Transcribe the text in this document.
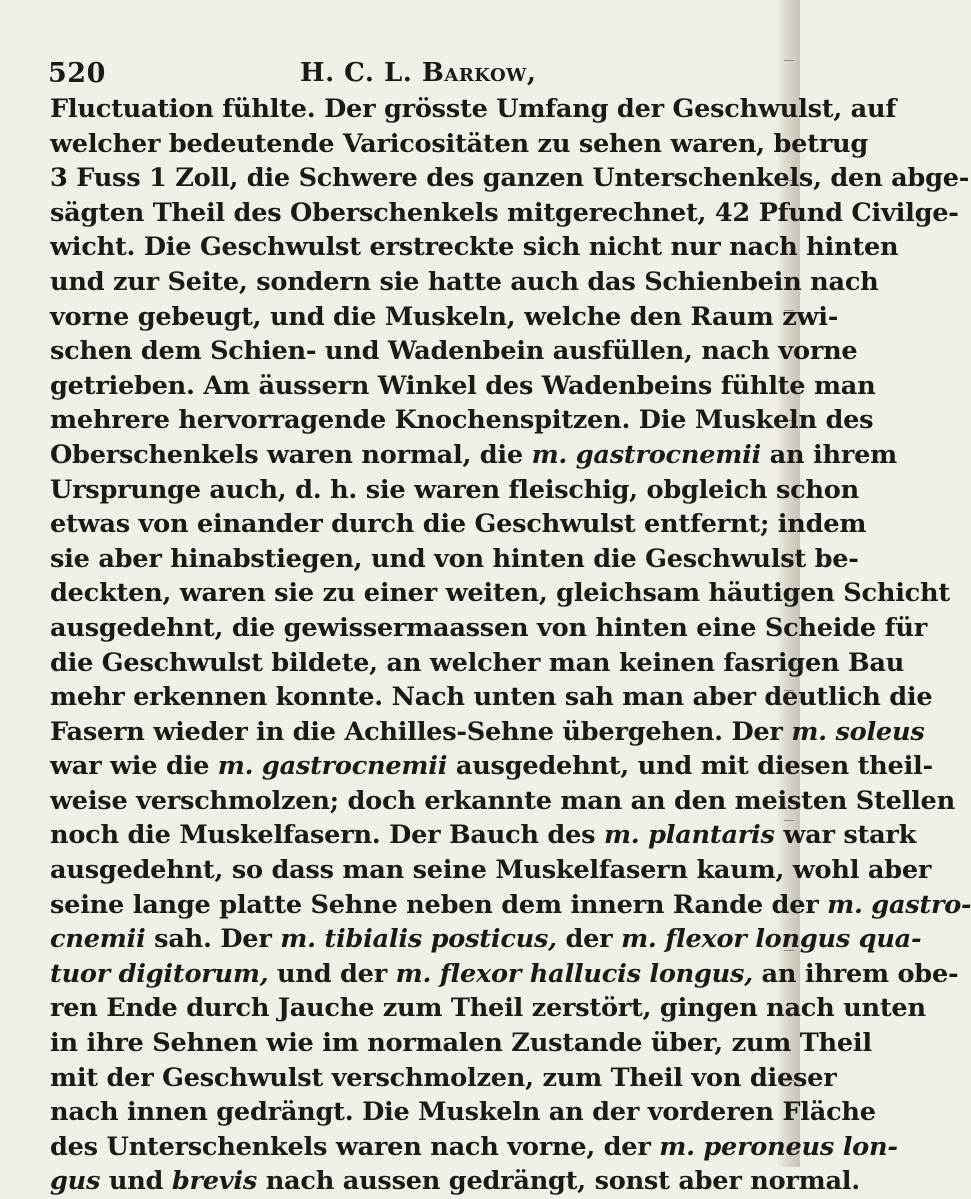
520	H. C. L. Barkow,
Fluctuation fühlte. Der grösste Umfang der Geschwulst, auf
welcher bedeutende Varicositäten zu sehen waren, betrug
3 Fuss 1 Zoll, die Schwere des ganzen Unterschenkels, den abge-
sägten Theil des Oberschenkels mitgerechnet, 42 Pfund Civilge-
wicht. Die Geschwulst erstreckte sich nicht nur nach hinten
und zur Seite, sondern sie hatte auch das Schienbein nach
vorne gebeugt, und die Muskeln, welche den Raum zwi-
schen dem Schien- und Wadenbein ausfüllen, nach vorne
getrieben. Am äussern Winkel des Wadenbeins fühlte man
mehrere hervorragende Knochenspitzen. Die Muskeln des
Oberschenkels waren normal, die m. gastrocnemii an ihrem
Ursprunge auch, d. h. sie waren fleischig, obgleich schon
etwas von einander durch die Geschwulst entfernt; indem
sie aber hinabstiegen, und von hinten die Geschwulst be-
deckten, waren sie zu einer weiten, gleichsam häutigen Schicht
ausgedehnt, die gewissermaassen von hinten eine Scheide für
die Geschwulst bildete, an welcher man keinen fasrigen Bau
mehr erkennen konnte. Nach unten sah man aber deutlich die
Fasern wieder in die Achilles-Sehne übergehen. Der m. soleus
war wie die m. gastrocnemii ausgedehnt, und mit diesen theil-
weise verschmolzen; doch erkannte man an den meisten Stellen
noch die Muskelfasern. Der Bauch des m. plantaris war stark
ausgedehnt, so dass man seine Muskelfasern kaum, wohl aber
seine lange platte Sehne neben dem innern Rande der m. gastro-
cnemii sah. Der m. tibialis posticus, der m. flexor longus qua-
tuor digitorum, und der m. flexor hallucis longus, an ihrem obe-
ren Ende durch Jauche zum Theil zerstört, gingen nach unten
in ihre Sehnen wie im normalen Zustande über, zum Theil
mit der Geschwulst verschmolzen, zum Theil von dieser
nach innen gedrängt. Die Muskeln an der vorderen Fläche
des Unterschenkels waren nach vorne, der m. peroneus lon-
gus und brevis nach aussen gedrängt, sonst aber normal.
